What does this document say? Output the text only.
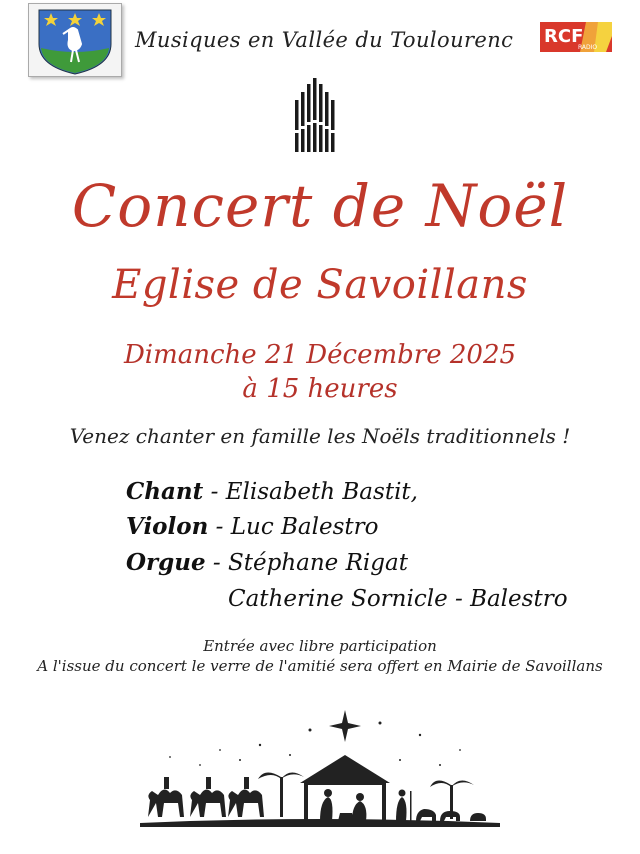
Musiques en Vallée du Toulourenc RCF
RADIO
Concert de Noël
Eglise de Savoillans
Dimanche 21 Décembre 2025
à 15 heures
Venez chanter en famille les Noëls traditionnels !
Chant - Elisabeth Bastit,
Violon - Luc Balestro
Orgue - Stéphane Rigat
Catherine Sornicle - Balestro
Entrée avec libre participation
A l'issue du concert le verre de l'amitié sera offert en Mairie de Savoillans
